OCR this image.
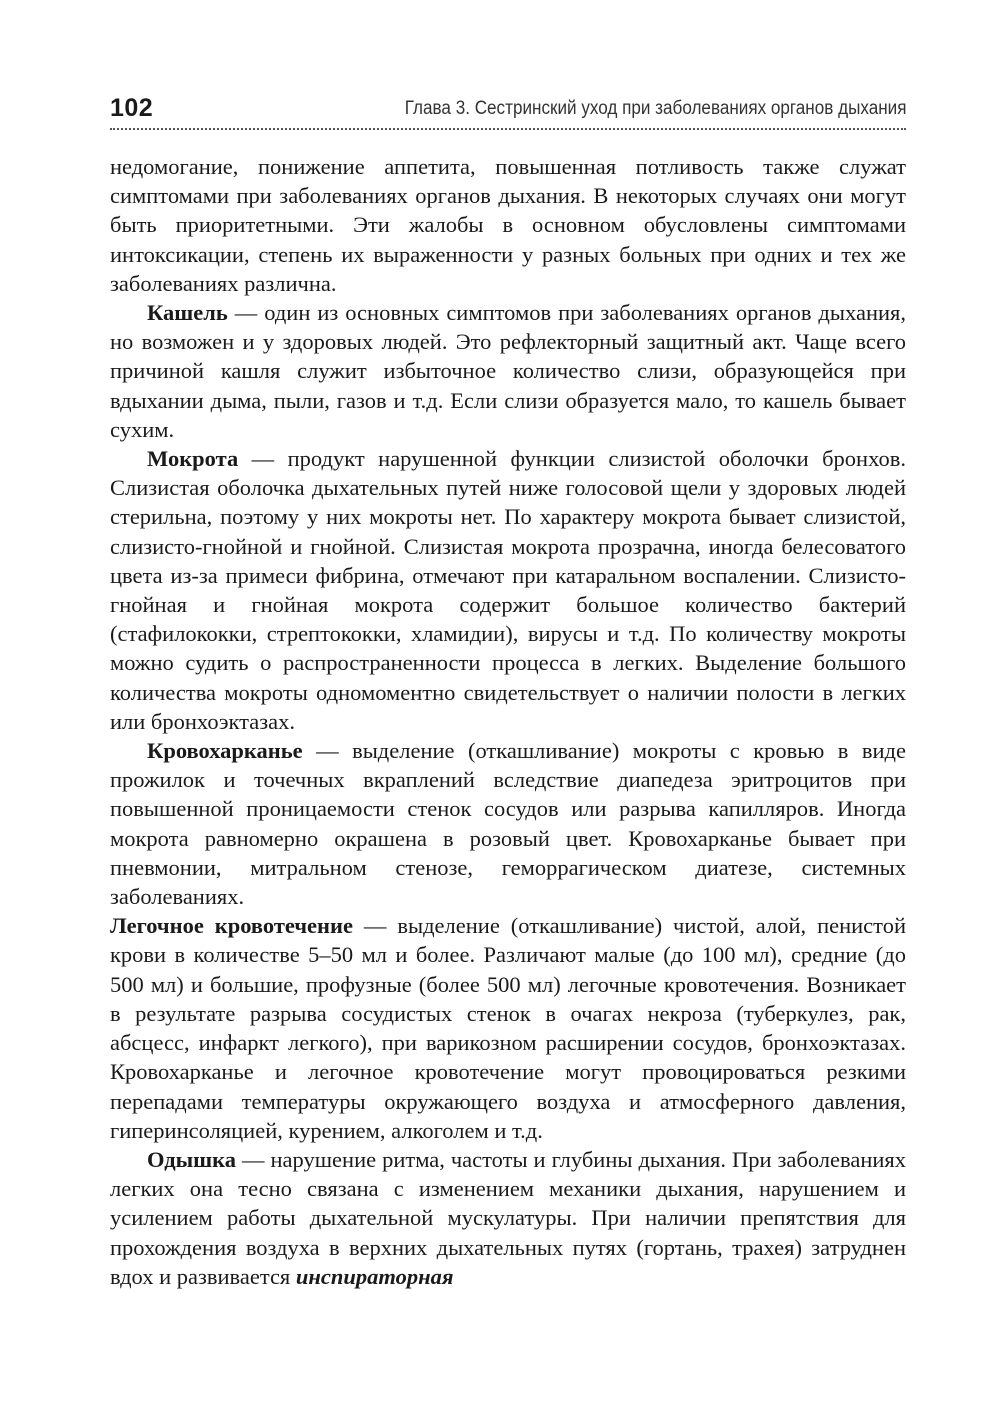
102	Глава 3. Сестринский уход при заболеваниях органов дыхания

недомогание, понижение аппетита, повышенная потливость также служат симптомами при заболеваниях органов дыхания. В некоторых случаях они могут быть приоритетными. Эти жалобы в основном обусловлены симптомами интоксикации, степень их выраженности у разных больных при одних и тех же заболеваниях различна.

Кашель — один из основных симптомов при заболеваниях органов дыхания, но возможен и у здоровых людей. Это рефлекторный защитный акт. Чаще всего причиной кашля служит избыточное количество слизи, образующейся при вдыхании дыма, пыли, газов и т.д. Если слизи образуется мало, то кашель бывает сухим.

Мокрота — продукт нарушенной функции слизистой оболочки бронхов. Слизистая оболочка дыхательных путей ниже голосовой щели у здоровых людей стерильна, поэтому у них мокроты нет. По характеру мокрота бывает слизистой, слизисто-гнойной и гнойной. Слизистая мокрота прозрачна, иногда белесоватого цвета из-за примеси фибрина, отмечают при катаральном воспалении. Слизисто-гнойная и гнойная мокрота содержит большое количество бактерий (стафилококки, стрептококки, хламидии), вирусы и т.д. По количеству мокроты можно судить о распространенности процесса в легких. Выделение большого количества мокроты одномоментно свидетельствует о наличии полости в легких или бронхоэктазах.

Кровохарканье — выделение (откашливание) мокроты с кровью в виде прожилок и точечных вкраплений вследствие диапедеза эритроцитов при повышенной проницаемости стенок сосудов или разрыва капилляров. Иногда мокрота равномерно окрашена в розовый цвет. Кровохарканье бывает при пневмонии, митральном стенозе, геморрагическом диатезе, системных заболеваниях.

Легочное кровотечение — выделение (откашливание) чистой, алой, пенистой крови в количестве 5–50 мл и более. Различают малые (до 100 мл), средние (до 500 мл) и большие, профузные (более 500 мл) легочные кровотечения. Возникает в результате разрыва сосудистых стенок в очагах некроза (туберкулез, рак, абсцесс, инфаркт легкого), при варикозном расширении сосудов, бронхоэктазах. Кровохарканье и легочное кровотечение могут провоцироваться резкими перепадами температуры окружающего воздуха и атмосферного давления, гиперинсоляцией, курением, алкоголем и т.д.

Одышка — нарушение ритма, частоты и глубины дыхания. При заболеваниях легких она тесно связана с изменением механики дыхания, нарушением и усилением работы дыхательной мускулатуры. При наличии препятствия для прохождения воздуха в верхних дыхательных путях (гортань, трахея) затруднен вдох и развивается инспираторная
